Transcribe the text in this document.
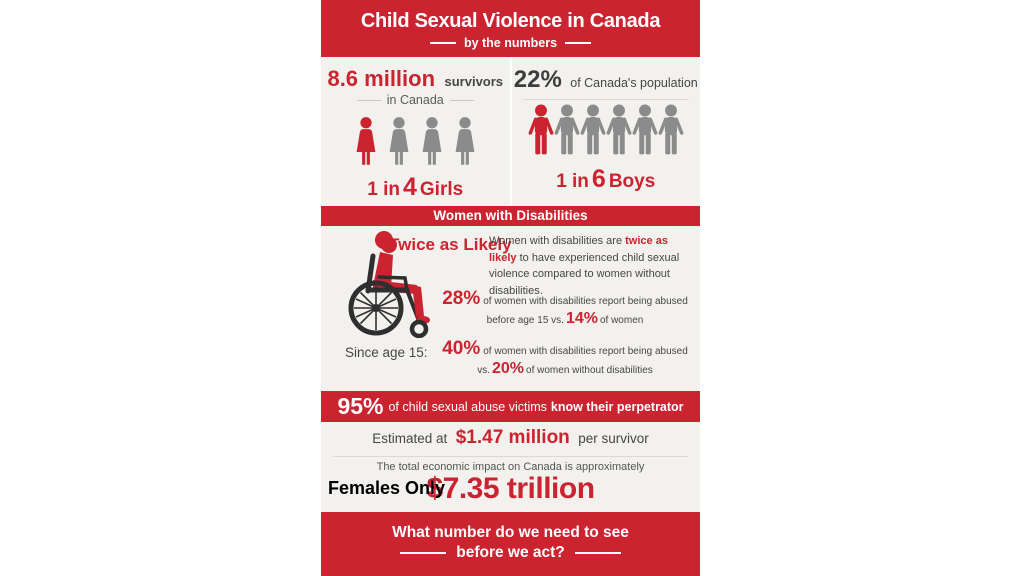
Child Sexual Violence in Canada
by the numbers
8.6 million survivors
in Canada
1 in 4 Girls
22% of Canada's population
1 in 6 Boys
Women with Disabilities
Twice as Likely

Women with disabilities are twice as likely to have experienced child sexual violence compared to women without disabilities.

28% of women with disabilities report being abused
before age 15 vs. 14% of women
Since age 15: 40% of women with disabilities report being abused
vs. 20% of women without disabilities
95% of child sexual abuse victims know their perpetrator
Estimated at $1.47 million per survivor
The total economic impact on Canada is approximately
$7.35 trillion
Females Only
What number do we need to see
before we act?
